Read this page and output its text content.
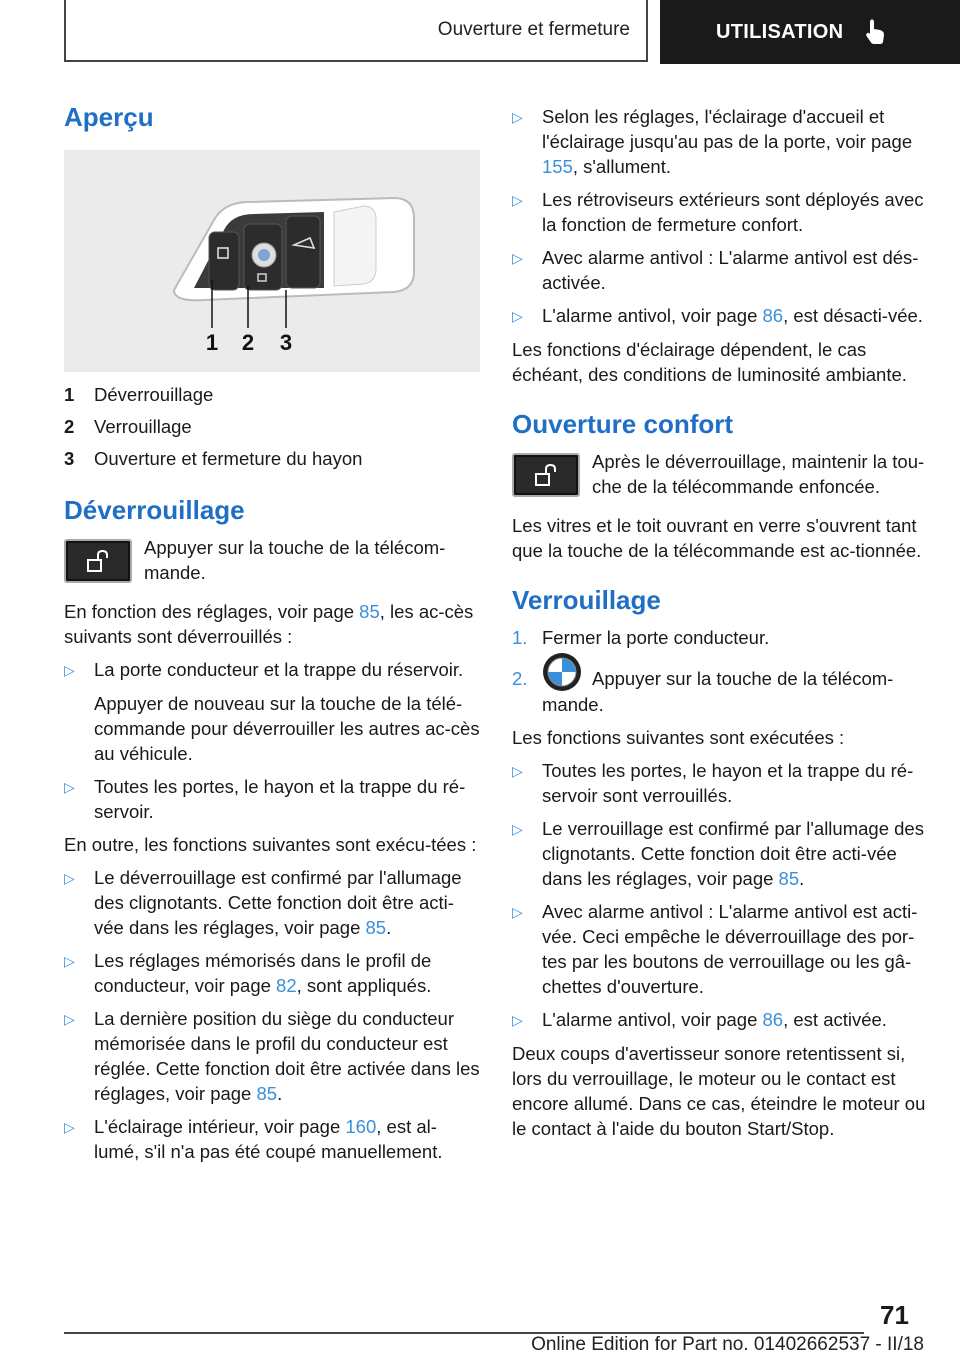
Ouverture et fermeture	UTILISATION
Aperçu
1 2 3
1	Déverrouillage
2	Verrouillage
3	Ouverture et fermeture du hayon
Déverrouillage
Appuyer sur la touche de la télécom-mande.

En fonction des réglages, voir page 85, les ac-cès suivants sont déverrouillés :

▷	La porte conducteur et la trappe du réservoir.
Appuyer de nouveau sur la touche de la télé-commande pour déverrouiller les autres ac-cès au véhicule.
▷	Toutes les portes, le hayon et la trappe du ré-servoir.

En outre, les fonctions suivantes sont exécu-tées :

▷	Le déverrouillage est confirmé par l'allumage des clignotants. Cette fonction doit être acti-vée dans les réglages, voir page 85.
▷	Les réglages mémorisés dans le profil de conducteur, voir page 82, sont appliqués.
▷	La dernière position du siège du conducteur mémorisée dans le profil du conducteur est réglée. Cette fonction doit être activée dans les réglages, voir page 85.
▷	L'éclairage intérieur, voir page 160, est al-lumé, s'il n'a pas été coupé manuellement.
▷	Selon les réglages, l'éclairage d'accueil et l'éclairage jusqu'au pas de la porte, voir page 155, s'allument.
▷	Les rétroviseurs extérieurs sont déployés avec la fonction de fermeture confort.
▷	Avec alarme antivol : L'alarme antivol est dés-activée.
▷	L'alarme antivol, voir page 86, est désacti-vée.

Les fonctions d'éclairage dépendent, le cas échéant, des conditions de luminosité ambiante.

Ouverture confort
Après le déverrouillage, maintenir la tou-che de la télécommande enfoncée.

Les vitres et le toit ouvrant en verre s'ouvrent tant que la touche de la télécommande est ac-tionnée.

Verrouillage
1. Fermer la porte conducteur.
2.	Appuyer sur la touche de la télécom-mande.

Les fonctions suivantes sont exécutées :

▷	Toutes les portes, le hayon et la trappe du ré-servoir sont verrouillés.
▷	Le verrouillage est confirmé par l'allumage des clignotants. Cette fonction doit être acti-vée dans les réglages, voir page 85.
▷	Avec alarme antivol : L'alarme antivol est acti-vée. Ceci empêche le déverrouillage des por-tes par les boutons de verrouillage ou les gâ-chettes d'ouverture.
▷	L'alarme antivol, voir page 86, est activée.

Deux coups d'avertisseur sonore retentissent si, lors du verrouillage, le moteur ou le contact est encore allumé. Dans ce cas, éteindre le moteur ou le contact à l'aide du bouton Start/Stop.

71
Online Edition for Part no. 01402662537 - II/18
